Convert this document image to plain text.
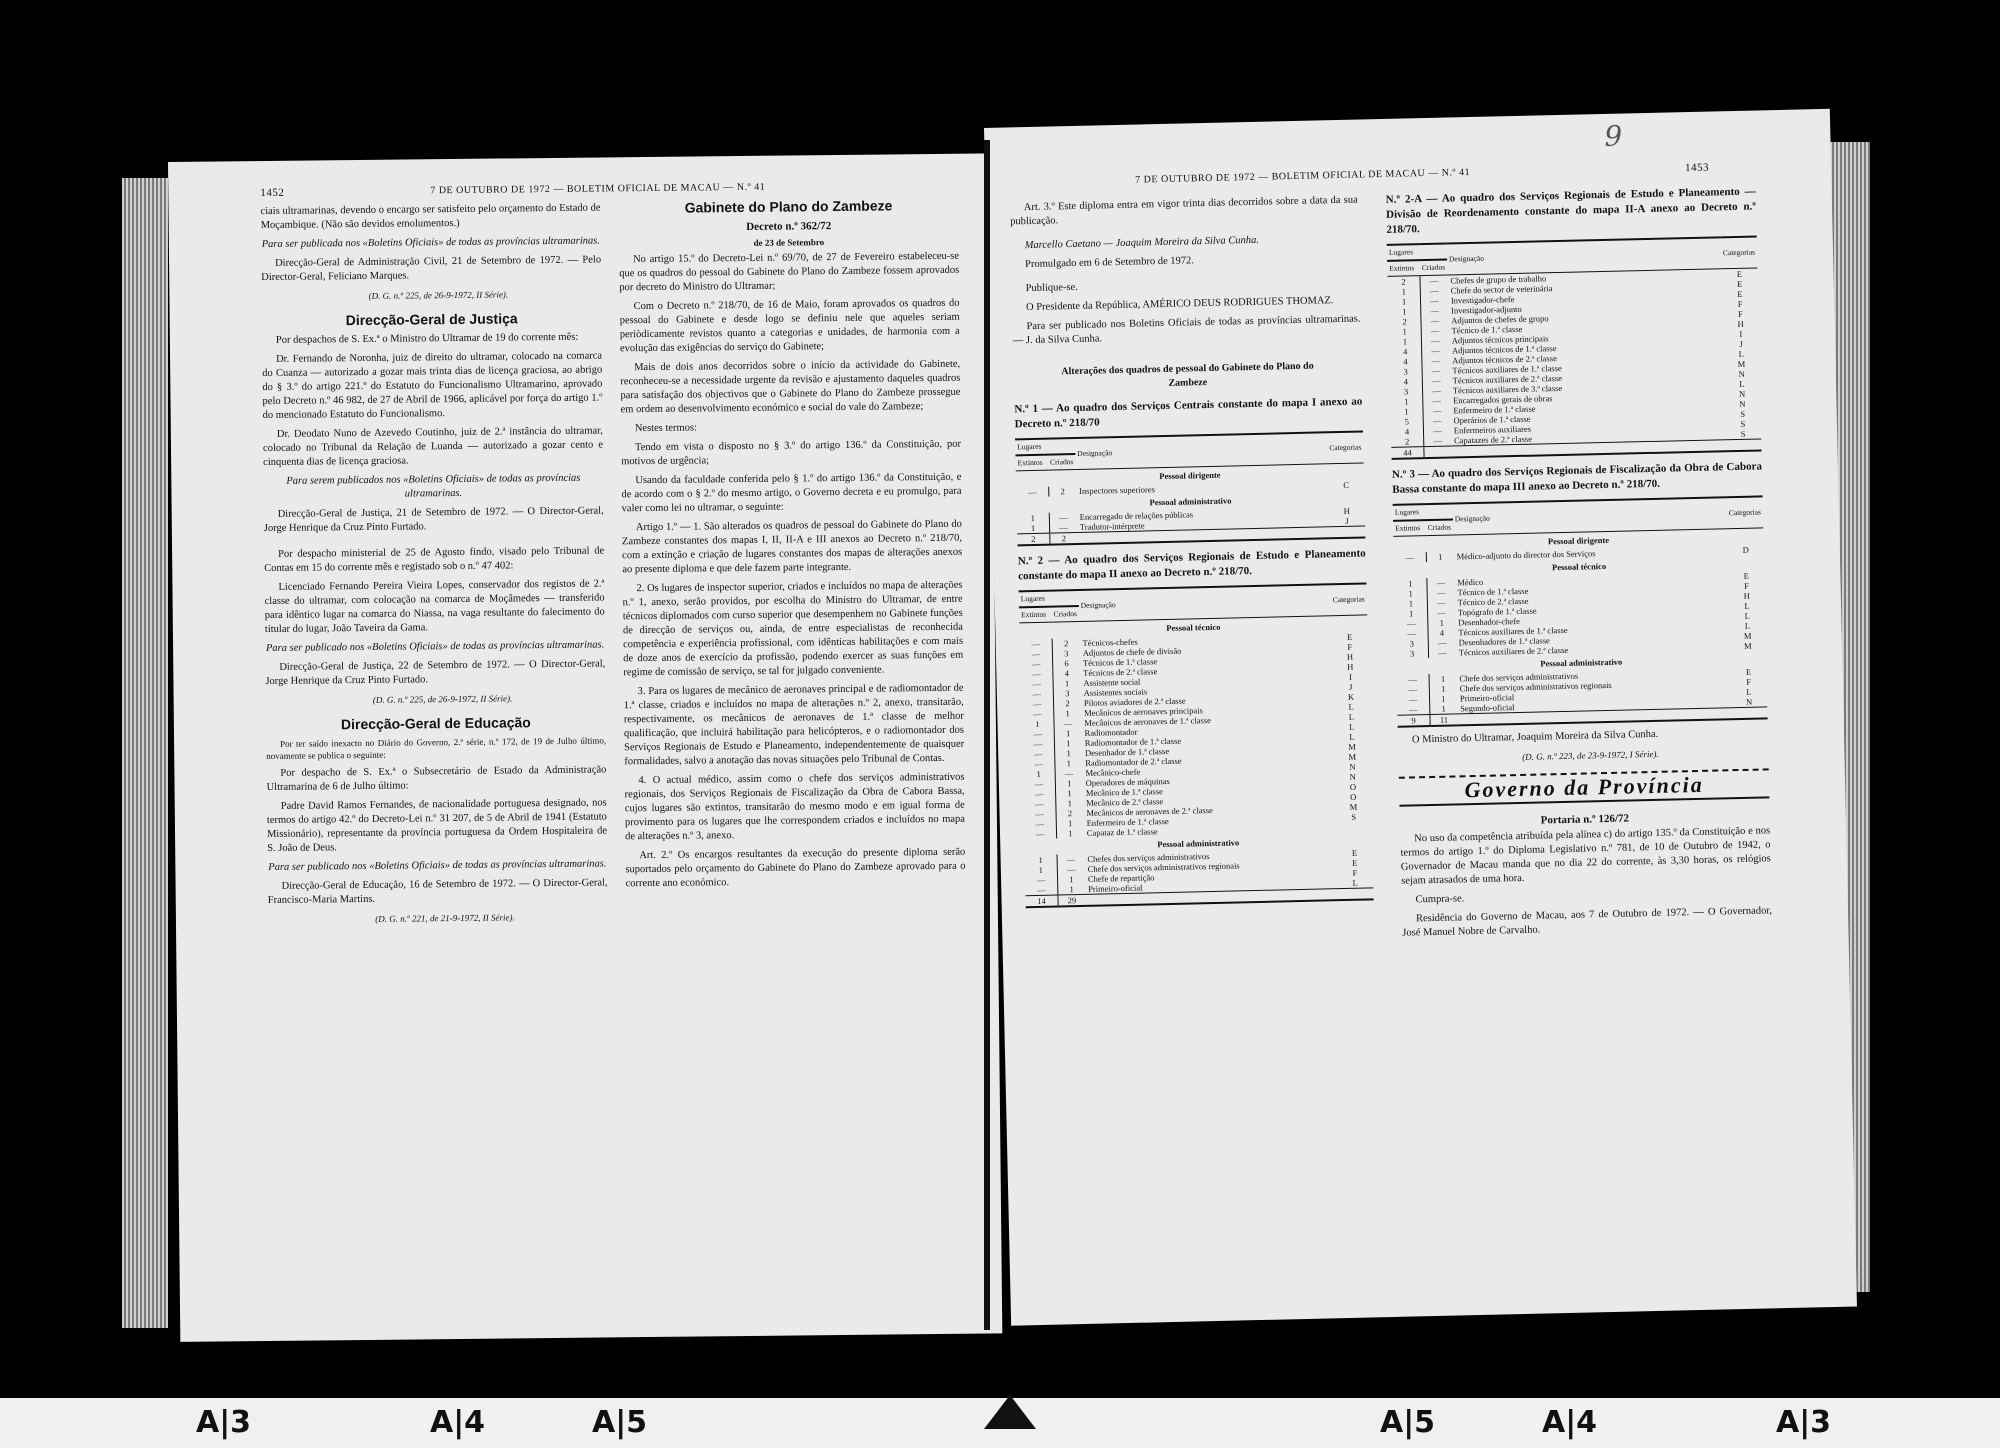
1452	7 DE OUTUBRO DE 1972 — BOLETIM OFICIAL DE MACAU — N.º 41

ciais ultramarinas, devendo o encargo ser satisfeito pelo orçamento do Estado de Moçambique. (Não são devidos emolumentos.)

Para ser publicada nos «Boletins Oficiais» de todas as províncias ultramarinas.

Direcção-Geral de Administração Civil, 21 de Setembro de 1972. — Pelo Director-Geral, Feliciano Marques.

(D. G. n.º 225, de 26-9-1972, II Série).

Direcção-Geral de Justiça

Por despachos de S. Ex.ª o Ministro do Ultramar de 19 do corrente mês:

Dr. Fernando de Noronha, juiz de direito do ultramar, colocado na comarca do Cuanza — autorizado a gozar mais trinta dias de licença graciosa, ao abrigo do § 3.º do artigo 221.º do Estatuto do Funcionalismo Ultramarino, aprovado pelo Decreto n.º 46 982, de 27 de Abril de 1966, aplicável por força do artigo 1.º do mencionado Estatuto do Funcionalismo.

Dr. Deodato Nuno de Azevedo Coutinho, juiz de 2.ª instância do ultramar, colocado no Tribunal da Relação de Luanda — autorizado a gozar cento e cinquenta dias de licença graciosa.

Para serem publicados nos «Boletins Oficiais» de todas as províncias ultramarinas.

Direcção-Geral de Justiça, 21 de Setembro de 1972. — O Director-Geral, Jorge Henrique da Cruz Pinto Furtado.

Por despacho ministerial de 25 de Agosto findo, visado pelo Tribunal de Contas em 15 do corrente mês e registado sob o n.º 47 402:

Licenciado Fernando Pereira Vieira Lopes, conservador dos registos de 2.ª classe do ultramar, com colocação na comarca de Moçâmedes — transferido para idêntico lugar na comarca do Niassa, na vaga resultante do falecimento do titular do lugar, João Taveira da Gama.

Para ser publicado nos «Boletins Oficiais» de todas as províncias ultramarinas.

Direcção-Geral de Justiça, 22 de Setembro de 1972. — O Director-Geral, Jorge Henrique da Cruz Pinto Furtado.

(D. G. n.º 225, de 26-9-1972, II Série).

Direcção-Geral de Educação

Por ter saído inexacto no Diário do Governo, 2.ª série, n.º 172, de 19 de Julho último, novamente se publica o seguinte:

Por despacho de S. Ex.ª o Subsecretário de Estado da Administração Ultramarina de 6 de Julho último:

Padre David Ramos Fernandes, de nacionalidade portuguesa designado, nos termos do artigo 42.º do Decreto-Lei n.º 31 207, de 5 de Abril de 1941 (Estatuto Missionário), representante da província portuguesa da Ordem Hospitaleira de S. João de Deus.

Para ser publicado nos «Boletins Oficiais» de todas as províncias ultramarinas.

Direcção-Geral de Educação, 16 de Setembro de 1972. — O Director-Geral, Francisco-Maria Martins.

(D. G. n.º 221, de 21-9-1972, II Série).

Gabinete do Plano do Zambeze
Decreto n.º 362/72
de 23 de Setembro

No artigo 15.º do Decreto-Lei n.º 69/70, de 27 de Fevereiro estabeleceu-se que os quadros do pessoal do Gabinete do Plano do Zambeze fossem aprovados por decreto do Ministro do Ultramar;

Com o Decreto n.º 218/70, de 16 de Maio, foram aprovados os quadros do pessoal do Gabinete e desde logo se definiu nele que aqueles seriam periòdicamente revistos quanto a categorias e unidades, de harmonia com a evolução das exigências do serviço do Gabinete;

Mais de dois anos decorridos sobre o início da actividade do Gabinete, reconheceu-se a necessidade urgente da revisão e ajustamento daqueles quadros para satisfação dos objectivos que o Gabinete do Plano do Zambeze prossegue em ordem ao desenvolvimento económico e social do vale do Zambeze;

Nestes termos:

Tendo em vista o disposto no § 3.º do artigo 136.º da Constituição, por motivos de urgência;

Usando da faculdade conferida pelo § 1.º do artigo 136.º da Constituição, e de acordo com o § 2.º do mesmo artigo, o Governo decreta e eu promulgo, para valer como lei no ultramar, o seguinte:

Artigo 1.º — 1. São alterados os quadros de pessoal do Gabinete do Plano do Zambeze constantes dos mapas I, II, II-A e III anexos ao Decreto n.º 218/70, com a extinção e criação de lugares constantes dos mapas de alterações anexos ao presente diploma e que dele fazem parte integrante.

2. Os lugares de inspector superior, criados e incluídos no mapa de alterações n.º 1, anexo, serão providos, por escolha do Ministro do Ultramar, de entre técnicos diplomados com curso superior que desempenhem no Gabinete funções de direcção de serviços ou, ainda, de entre especialistas de reconhecida competência e experiência profissional, com idênticas habilitações e com mais de doze anos de exercício da profissão, podendo exercer as suas funções em regime de comissão de serviço, se tal for julgado conveniente.

3. Para os lugares de mecânico de aeronaves principal e de radiomontador de 1.ª classe, criados e incluídos no mapa de alterações n.º 2, anexo, transitarão, respectivamente, os mecânicos de aeronaves de 1.ª classe de melhor qualificação, que incluirá habilitação para helicópteros, e o radiomontador dos Serviços Regionais de Estudo e Planeamento, independentemente de quaisquer formalidades, salvo a anotação das novas situações pelo Tribunal de Contas.

4. O actual médico, assim como o chefe dos serviços administrativos regionais, dos Serviços Regionais de Fiscalização da Obra de Cabora Bassa, cujos lugares são extintos, transitarão do mesmo modo e em igual forma de provimento para os lugares que lhe correspondem criados e incluídos no mapa de alterações n.º 3, anexo.

Art. 2.º Os encargos resultantes da execução do presente diploma serão suportados pelo orçamento do Gabinete do Plano do Zambeze aprovado para o corrente ano económico.

7 DE OUTUBRO DE 1972 — BOLETIM OFICIAL DE MACAU — N.º 41	1453
9

Art. 3.º Este diploma entra em vigor trinta dias decorridos sobre a data da sua publicação.

Marcello Caetano — Joaquim Moreira da Silva Cunha.

Promulgado em 6 de Setembro de 1972.

Publique-se.

O Presidente da República, AMÉRICO DEUS RODRIGUES THOMAZ.

Para ser publicado nos Boletins Oficiais de todas as províncias ultramarinas. — J. da Silva Cunha.

Alterações dos quadros de pessoal do Gabinete do Plano do Zambeze
N.º 1 — Ao quadro dos Serviços Centrais constante do mapa I anexo ao Decreto n.º 218/70
Lugares		Designação	Categorias
Extintos	Criados		
Pessoal dirigente			
—	2	Inspectores superiores	C
Pessoal administrativo			
1	—	Encarregado de relações públicas	H
1	—	Tradutor-intérprete	J
2	2		
N.º 2 — Ao quadro dos Serviços Regionais de Estudo e Planeamento constante do mapa II anexo ao Decreto n.º 218/70.
Lugares		Designação	Categorias
Extintos	Criados		
Pessoal técnico			
—	2	Técnicos-chefes	E
—	3	Adjuntos de chefe de divisão	F
—	6	Técnicos de 1.ª classe	H
—	4	Técnicos de 2.ª classe	H
—	1	Assistente social	I
—	3	Assistentes sociais	J
—	2	Pilotos aviadores de 2.ª classe	K
—	1	Mecânicos de aeronaves principais	L
1	—	Mecânicos de aeronaves de 1.ª classe	L
—	1	Radiomontador	L
—	1	Radiomontador de 1.ª classe	L
—	1	Desenhador de 1.ª classe	M
—	1	Radiomontador de 2.ª classe	M
1	—	Mecânico-chefe	N
—	1	Operadores de máquinas	N
—	1	Mecânico de 1.ª classe	O
—	1	Mecânico de 2.ª classe	O
—	2	Mecânicos de aeronaves de 2.ª classe	M
—	1	Enfermeiro de 1.ª classe	S
—	1	Capataz de 1.ª classe	
Pessoal administrativo			
1	—	Chefes dos serviços administrativos	E
1	—	Chefe dos serviços administrativos regionais	E
—	1	Chefe de repartição	F
—	1	Primeiro-oficial	L
14	29		
N.º 2-A — Ao quadro dos Serviços Regionais de Estudo e Planeamento — Divisão de Reordenamento constante do mapa II-A anexo ao Decreto n.º 218/70.
Lugares		Designação	Categorias
Extintos	Criados		
2	—	Chefes de grupo de trabalho	E
1	—	Chefe do sector de veterinária	E
1	—	Investigador-chefe	E
1	—	Investigador-adjunto	F
2	—	Adjuntos de chefes de grupo	F
1	—	Técnico de 1.ª classe	H
1	—	Adjuntos técnicos principais	I
4	—	Adjuntos técnicos de 1.ª classe	J
4	—	Adjuntos técnicos de 2.ª classe	L
3	—	Técnicos auxiliares de 1.ª classe	M
4	—	Técnicos auxiliares de 2.ª classe	N
3	—	Técnicos auxiliares de 3.ª classe	L
1	—	Encarregados gerais de obras	N
1	—	Enfermeiro de 1.ª classe	N
5	—	Operários de 1.ª classe	S
4	—	Enfermeiros auxiliares	S
2	—	Capatazes de 2.ª classe	S
44			
N.º 3 — Ao quadro dos Serviços Regionais de Fiscalização da Obra de Cabora Bassa constante do mapa III anexo ao Decreto n.º 218/70.
Lugares		Designação	Categorias
Extintos	Criados		
Pessoal dirigente			
—	1	Médico-adjunto do director dos Serviços	D
Pessoal técnico			
1	—	Médico	E
1	—	Técnico de 1.ª classe	F
1	—	Técnico de 2.ª classe	H
1	—	Topógrafo de 1.ª classe	L
—	1	Desenhador-chefe	L
—	4	Técnicos auxiliares de 1.ª classe	L
3	—	Desenhadores de 1.ª classe	M
3	—	Técnicos auxiliares de 2.ª classe	M
Pessoal administrativo			
—	1	Chefe dos serviços administrativos	E
—	1	Chefe dos serviços administrativos regionais	F
—	1	Primeiro-oficial	L
—	1	Segundo-oficial	N
9	11		

O Ministro do Ultramar, Joaquim Moreira da Silva Cunha.

(D. G. n.º 223, de 23-9-1972, I Série).

Governo da Província
Portaria n.º 126/72

No uso da competência atribuída pela alínea c) do artigo 135.º da Constituição e nos termos do artigo 1.º do Diploma Legislativo n.º 781, de 10 de Outubro de 1942, o Governador de Macau manda que no dia 22 do corrente, às 3,30 horas, os relógios sejam atrasados de uma hora.

Cumpra-se.

Residência do Governo de Macau, aos 7 de Outubro de 1972. — O Governador, José Manuel Nobre de Carvalho.

A|3	A|4	A|5	A|5	A|4	A|3
